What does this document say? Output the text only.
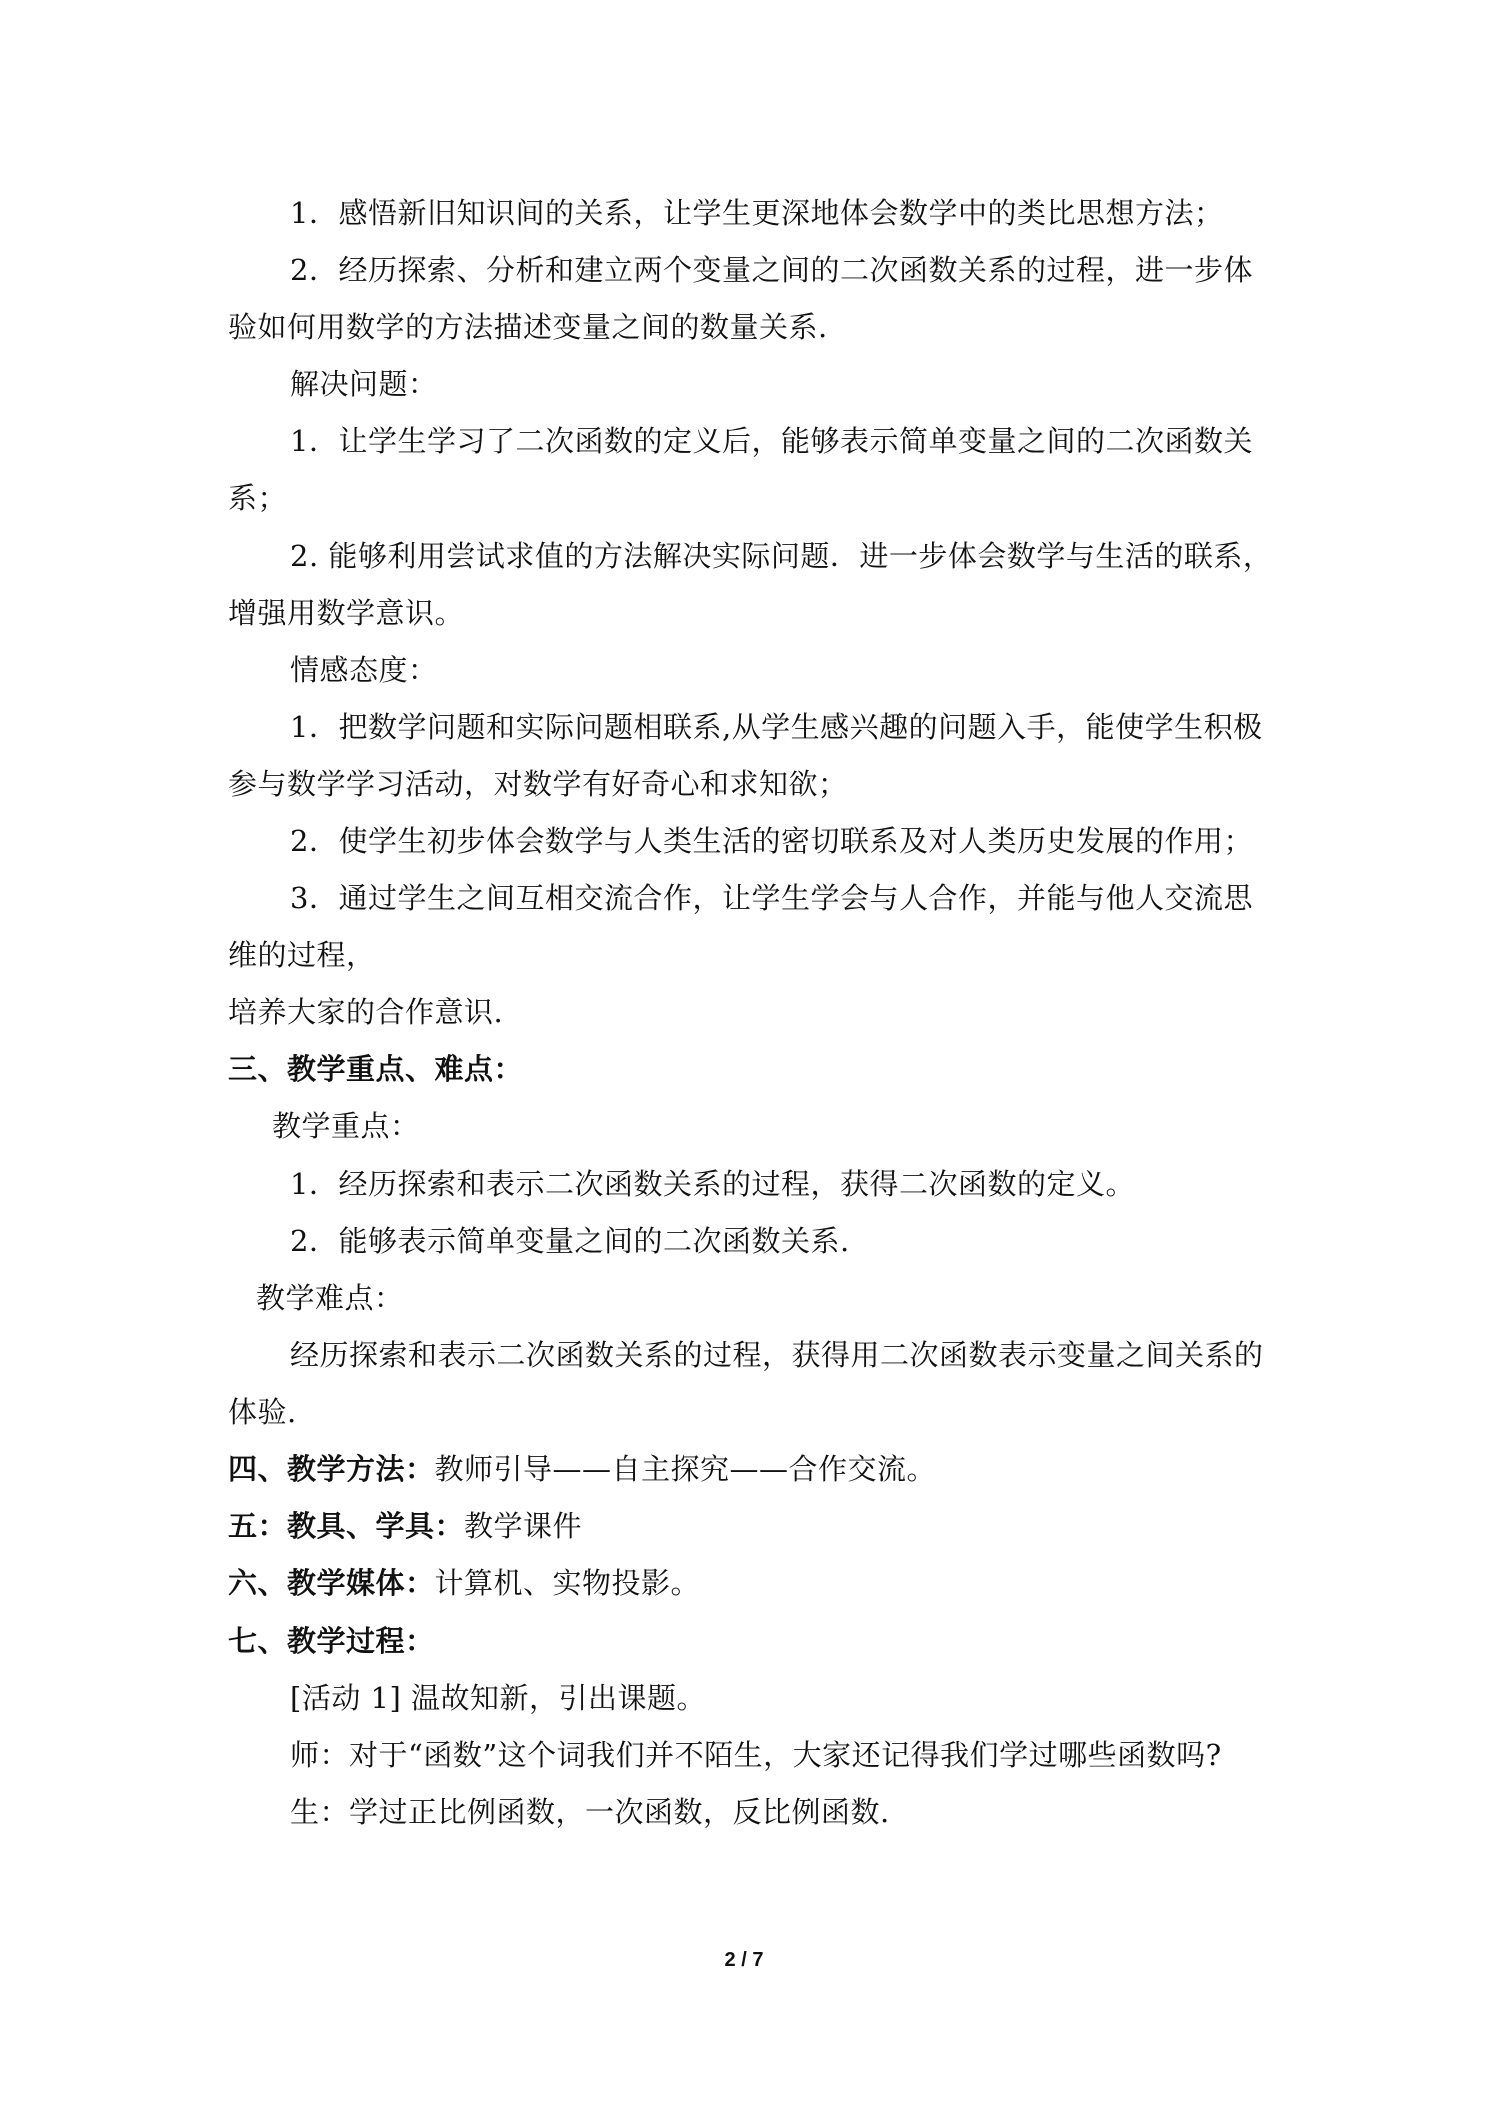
1．感悟新旧知识间的关系，让学生更深地体会数学中的类比思想方法；
2．经历探索、分析和建立两个变量之间的二次函数关系的过程，进一步体
验如何用数学的方法描述变量之间的数量关系.
解决问题：
1．让学生学习了二次函数的定义后，能够表示简单变量之间的二次函数关
系；
2. 能够利用尝试求值的方法解决实际问题．进一步体会数学与生活的联系，
增强用数学意识。
情感态度：
1．把数学问题和实际问题相联系,从学生感兴趣的问题入手，能使学生积极
参与数学学习活动，对数学有好奇心和求知欲；
2．使学生初步体会数学与人类生活的密切联系及对人类历史发展的作用；
3．通过学生之间互相交流合作，让学生学会与人合作，并能与他人交流思
维的过程，
培养大家的合作意识.
三、教学重点、难点：
教学重点：
1．经历探索和表示二次函数关系的过程，获得二次函数的定义。
2．能够表示简单变量之间的二次函数关系.
教学难点：
经历探索和表示二次函数关系的过程，获得用二次函数表示变量之间关系的
体验.
四、教学方法：教师引导——自主探究——合作交流。
五：教具、学具：教学课件
六、教学媒体：计算机、实物投影。
七、教学过程：
[活动 1] 温故知新，引出课题。
师：对于“函数”这个词我们并不陌生，大家还记得我们学过哪些函数吗?
生：学过正比例函数，一次函数，反比例函数.
2 / 7
